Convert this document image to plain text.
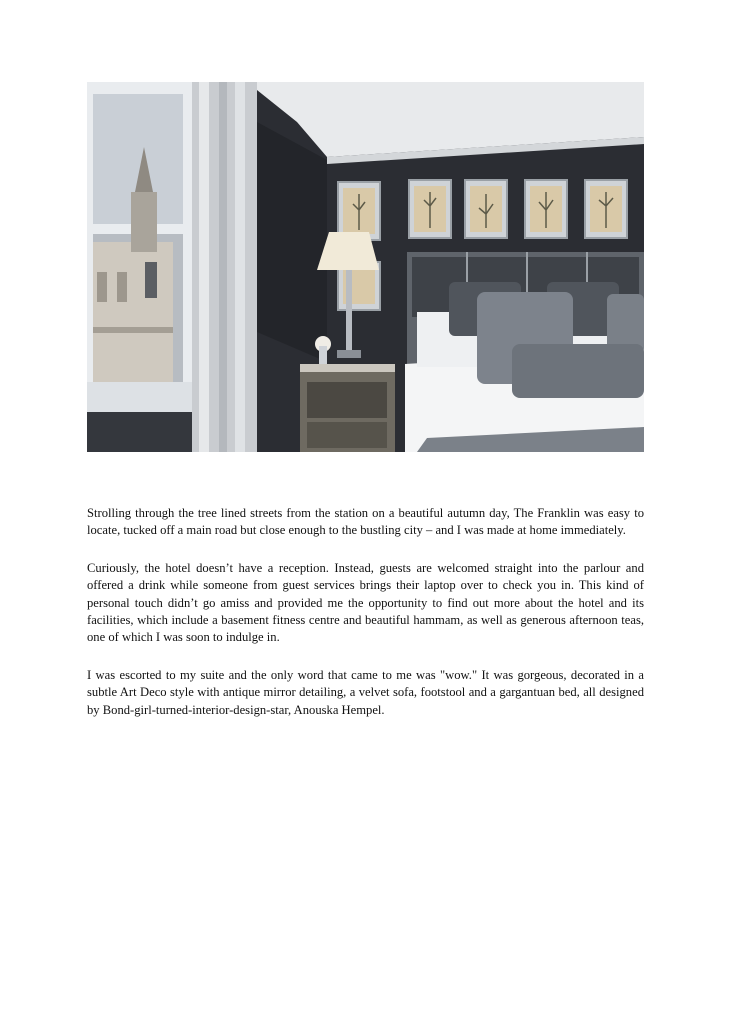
Strolling through the tree lined streets from the station on a beautiful autumn day, The Franklin was easy to locate, tucked off a main road but close enough to the bustling city – and I was made at home immediately.

Curiously, the hotel doesn’t have a reception. Instead, guests are welcomed straight into the parlour and offered a drink while someone from guest services brings their laptop over to check you in. This kind of personal touch didn’t go amiss and provided me the opportunity to find out more about the hotel and its facilities, which include a basement fitness centre and beautiful hammam, as well as generous afternoon teas, one of which I was soon to indulge in.

I was escorted to my suite and the only word that came to me was "wow." It was gorgeous, decorated in a subtle Art Deco style with antique mirror detailing, a velvet sofa, footstool and a gargantuan bed, all designed by Bond-girl-turned-interior-design-star, Anouska Hempel.
